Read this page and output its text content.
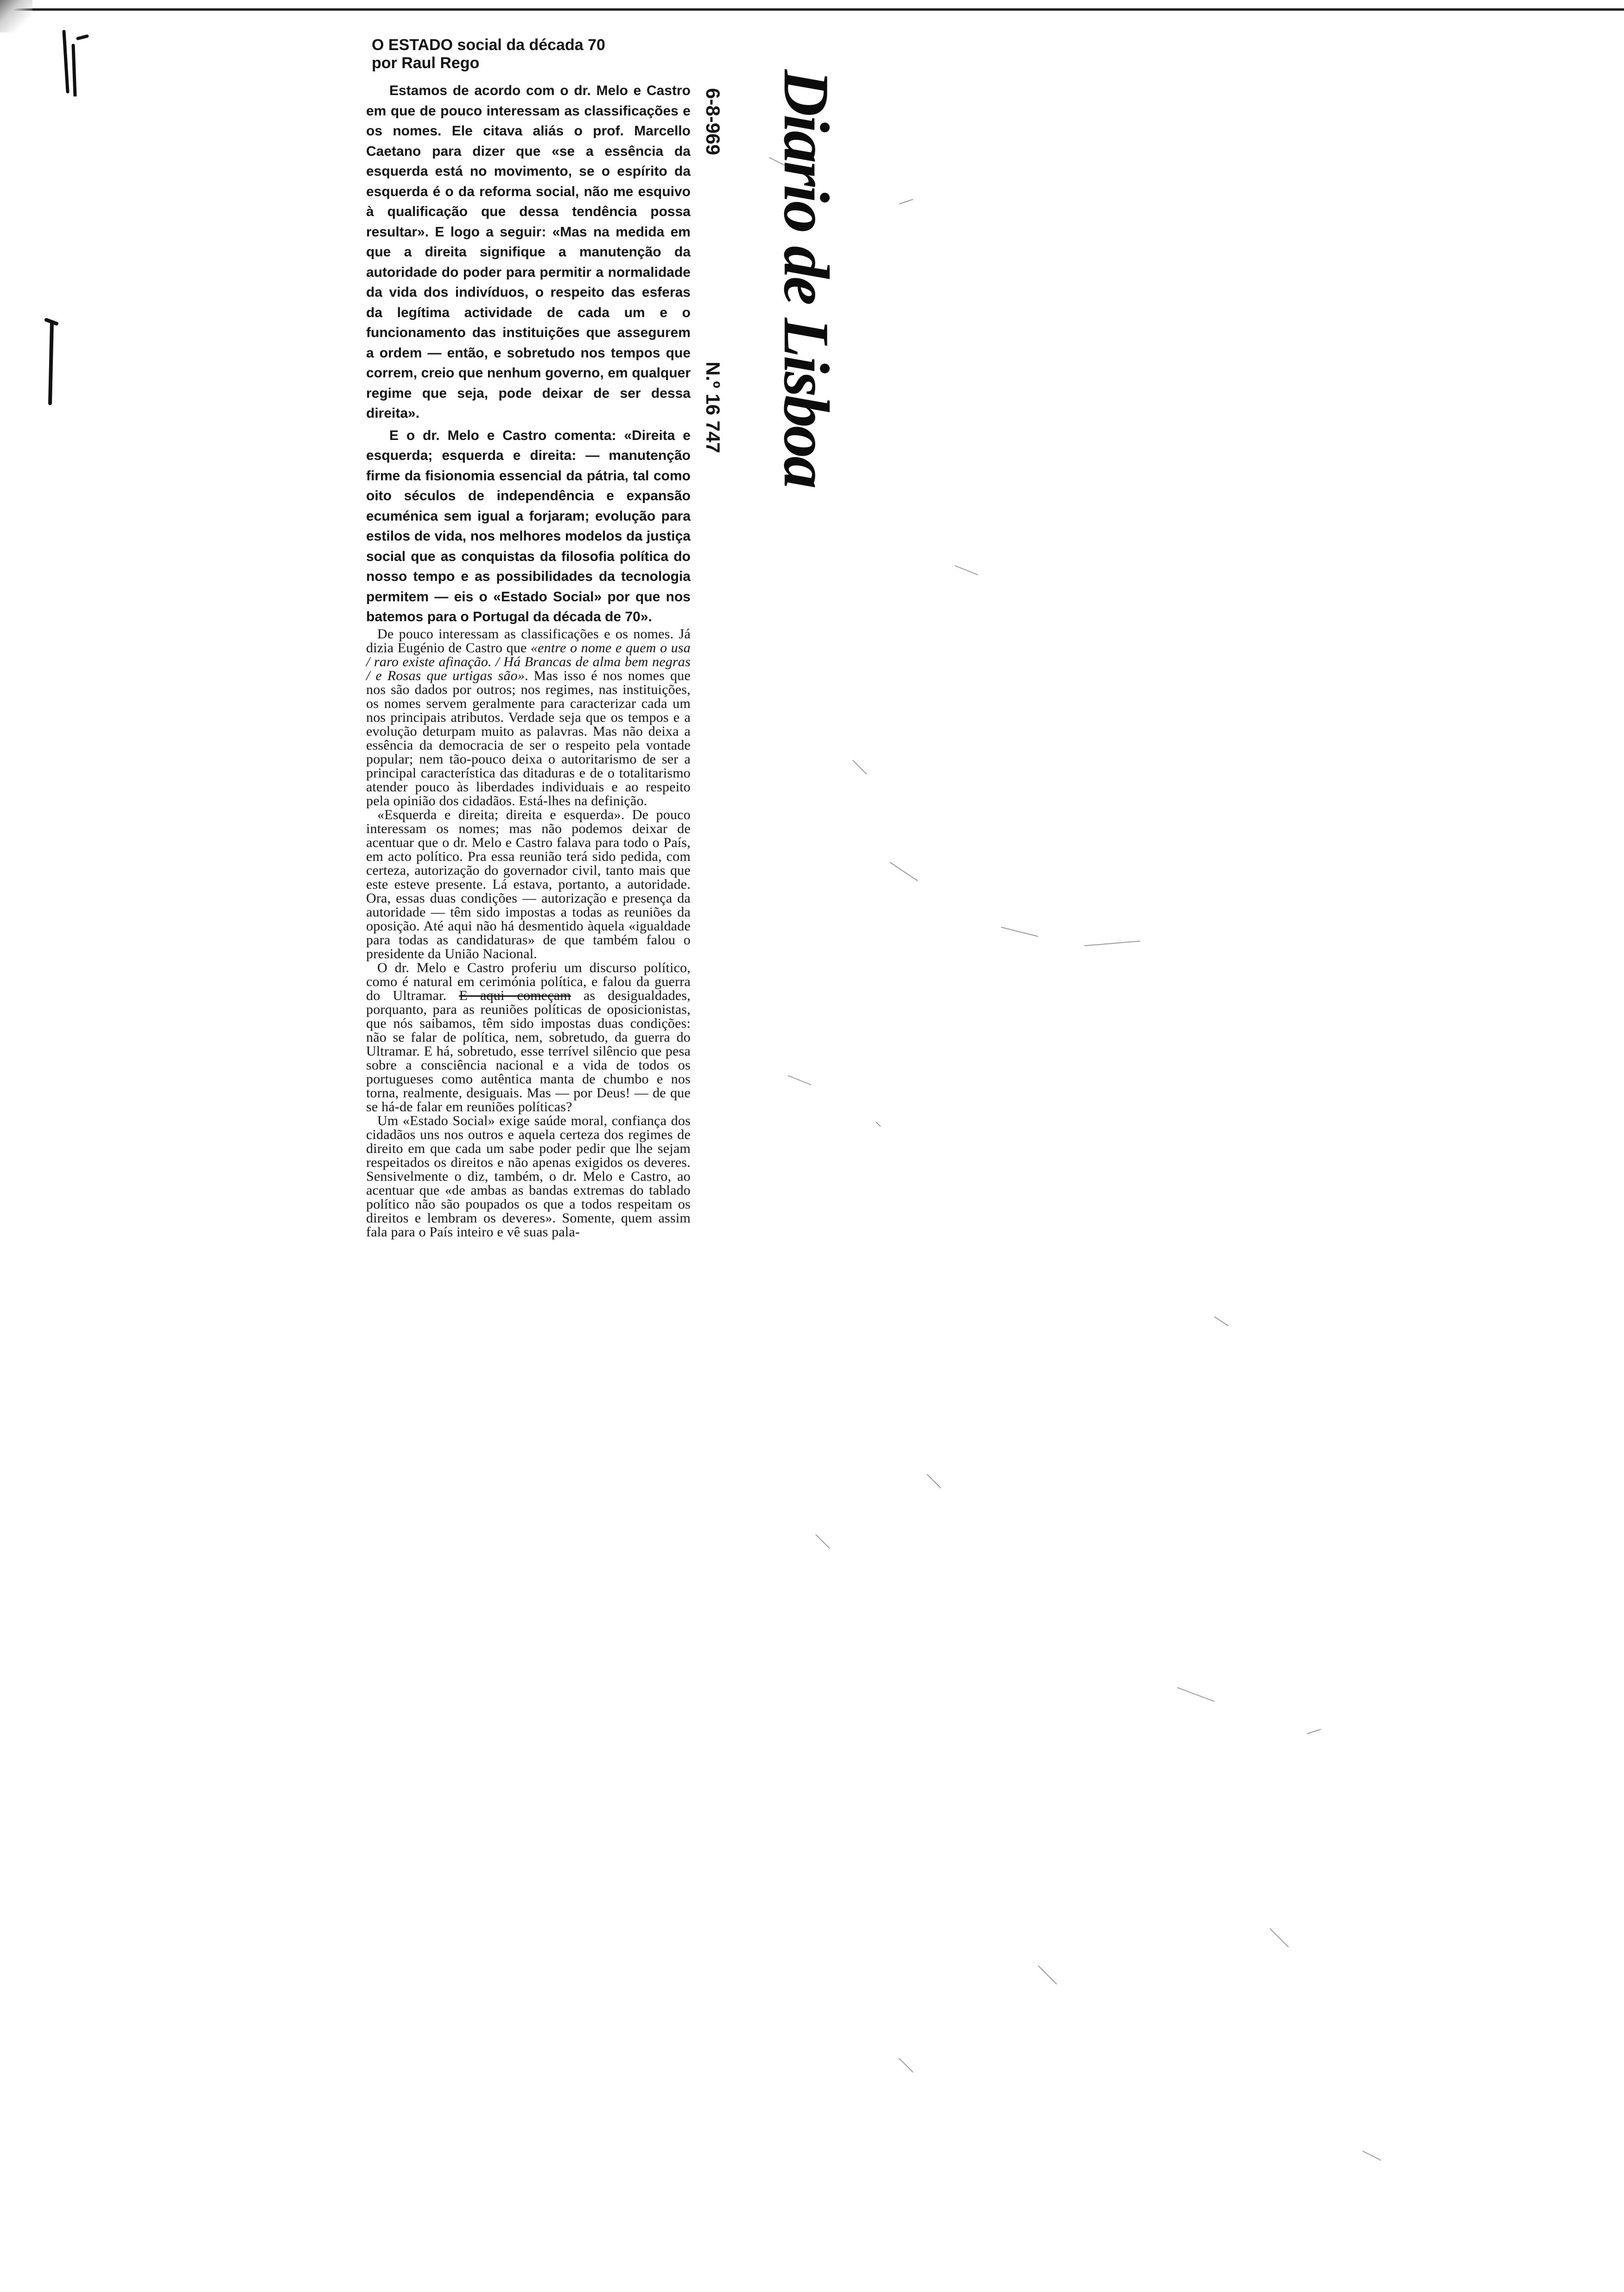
O ESTADO social da década 70
por Raul Rego

Estamos de acordo com o dr. Melo e Castro em que de pouco interessam as classificações e os nomes. Ele citava aliás o prof. Marcello Caetano para dizer que «se a essência da esquerda está no movimento, se o espírito da esquerda é o da reforma social, não me esquivo à qualificação que dessa tendência possa resultar». E logo a seguir: «Mas na medida em que a direita signifique a manutenção da autoridade do poder para permitir a normalidade da vida dos indivíduos, o respeito das esferas da legítima actividade de cada um e o funcionamento das instituições que assegurem a ordem — então, e sobretudo nos tempos que correm, creio que nenhum governo, em qualquer regime que seja, pode deixar de ser dessa direita».

E o dr. Melo e Castro comenta: «Direita e esquerda; esquerda e direita: — manutenção firme da fisionomia essencial da pátria, tal como oito séculos de independência e expansão ecuménica sem igual a forjaram; evolução para estilos de vida, nos melhores modelos da justiça social que as conquistas da filosofia política do nosso tempo e as possibilidades da tecnologia permitem — eis o «Estado Social» por que nos batemos para o Portugal da década de 70».

De pouco interessam as classificações e os nomes. Já dizia Eugénio de Castro que «entre o nome e quem o usa / raro existe afinação. / Há Brancas de alma bem negras / e Rosas que urtigas são». Mas isso é nos nomes que nos são dados por outros; nos regimes, nas instituições, os nomes servem geralmente para caracterizar cada um nos principais atributos. Verdade seja que os tempos e a evolução deturpam muito as palavras. Mas não deixa a essência da democracia de ser o respeito pela vontade popular; nem tão-pouco deixa o autoritarismo de ser a principal característica das ditaduras e de o totalitarismo atender pouco às liberdades individuais e ao respeito pela opinião dos cidadãos. Está-lhes na definição.

«Esquerda e direita; direita e esquerda». De pouco interessam os nomes; mas não podemos deixar de acentuar que o dr. Melo e Castro falava para todo o País, em acto político. Pra essa reunião terá sido pedida, com certeza, autorização do governador civil, tanto mais que este esteve presente. Lá estava, portanto, a autoridade. Ora, essas duas condições — autorização e presença da autoridade — têm sido impostas a todas as reuniões da oposição. Até aqui não há desmentido àquela «igualdade para todas as candidaturas» de que também falou o presidente da União Nacional.

O dr. Melo e Castro proferiu um discurso político, como é natural em cerimónia política, e falou da guerra do Ultramar. E aqui começam as desigualdades, porquanto, para as reuniões políticas de oposicionistas, que nós saibamos, têm sido impostas duas condições: não se falar de política, nem, sobretudo, da guerra do Ultramar. E há, sobretudo, esse terrível silêncio que pesa sobre a consciência nacional e a vida de todos os portugueses como autêntica manta de chumbo e nos torna, realmente, desiguais. Mas — por Deus! — de que se há-de falar em reuniões políticas?

Um «Estado Social» exige saúde moral, confiança dos cidadãos uns nos outros e aquela certeza dos regimes de direito em que cada um sabe poder pedir que lhe sejam respeitados os direitos e não apenas exigidos os deveres. Sensivelmente o diz, também, o dr. Melo e Castro, ao acentuar que «de ambas as bandas extremas do tablado político não são poupados os que a todos respeitam os direitos e lembram os deveres». Somente, quem assim fala para o País inteiro e vê suas pala-

6-8-969
N.º 16 747 Diario de Lisboa
